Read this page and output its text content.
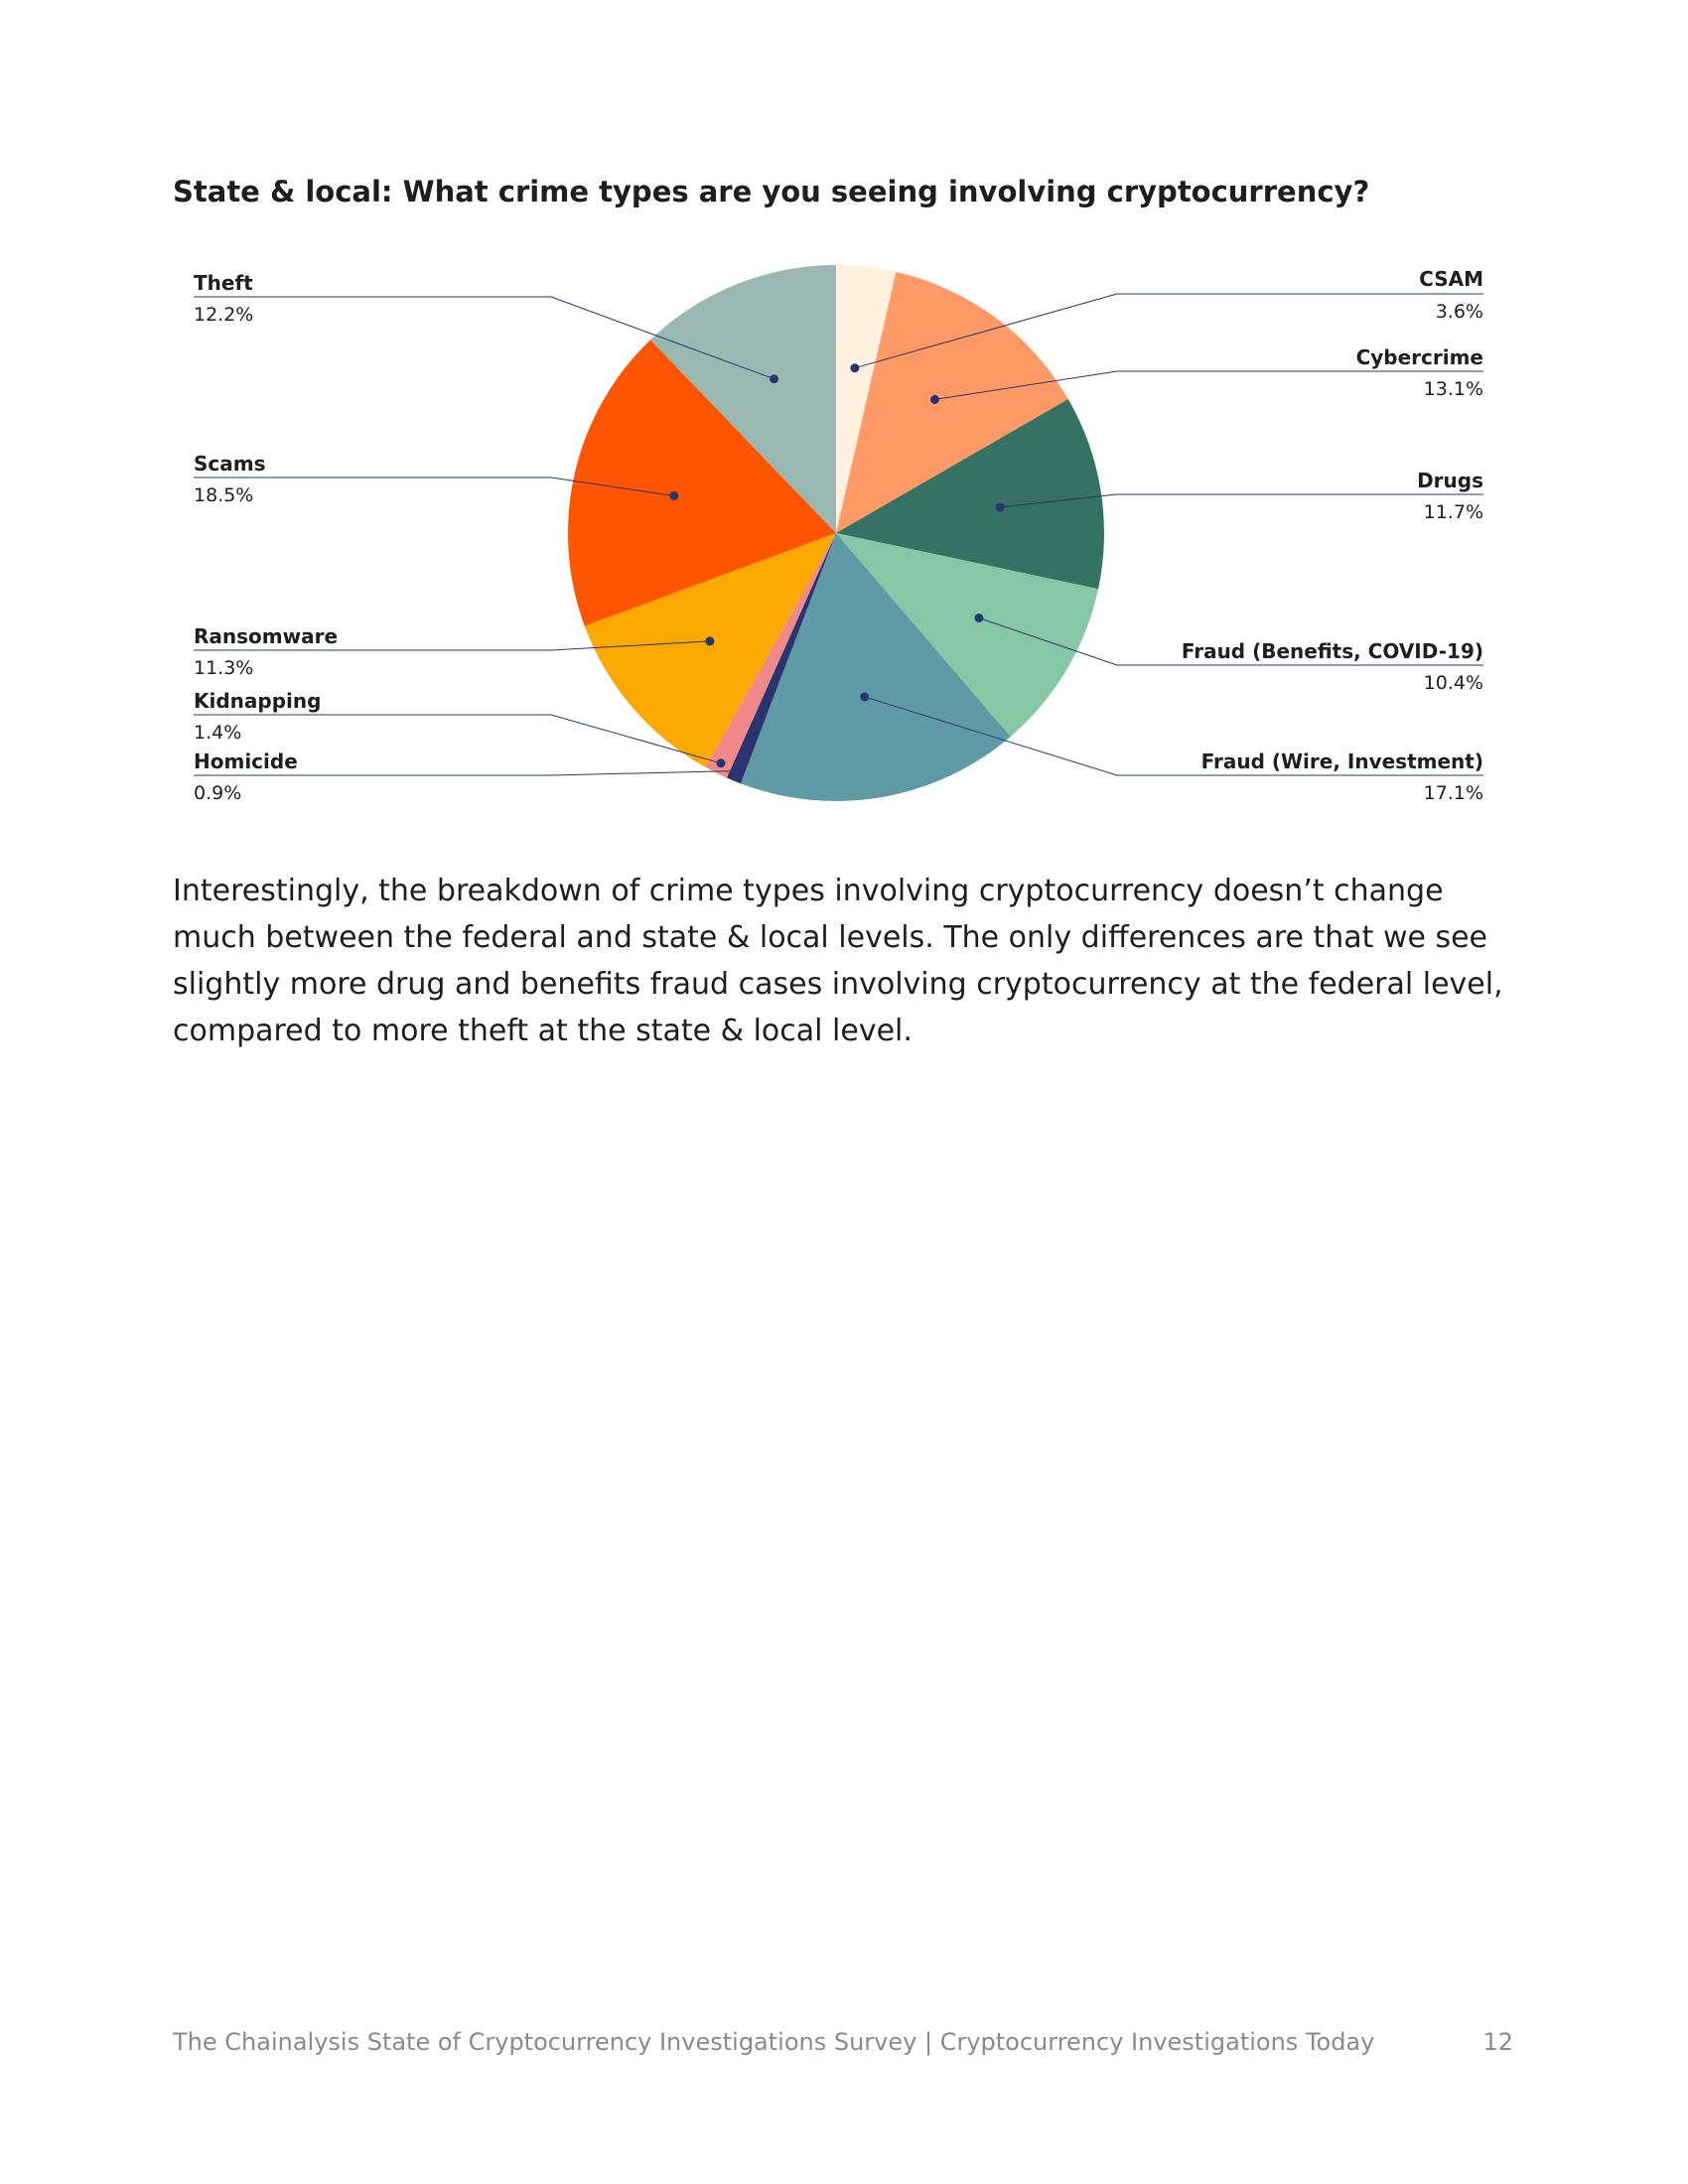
State & local: What crime types are you seeing involving cryptocurrency?
CSAM
3.6%
Cybercrime
13.1%
Drugs
11.7%
Fraud (Benefits, COVID-19)
10.4%
Fraud (Wire, Investment)
17.1%
Homicide
0.9%
Kidnapping
1.4%
Ransomware
11.3%
Scams
18.5%
Theft
12.2%
Interestingly, the breakdown of crime types involving cryptocurrency doesn’t change much between the federal and state & local levels. The only differences are that we see slightly more drug and benefits fraud cases involving cryptocurrency at the federal level, compared to more theft at the state & local level.
The Chainalysis State of Cryptocurrency Investigations Survey | Cryptocurrency Investigations Today	12
